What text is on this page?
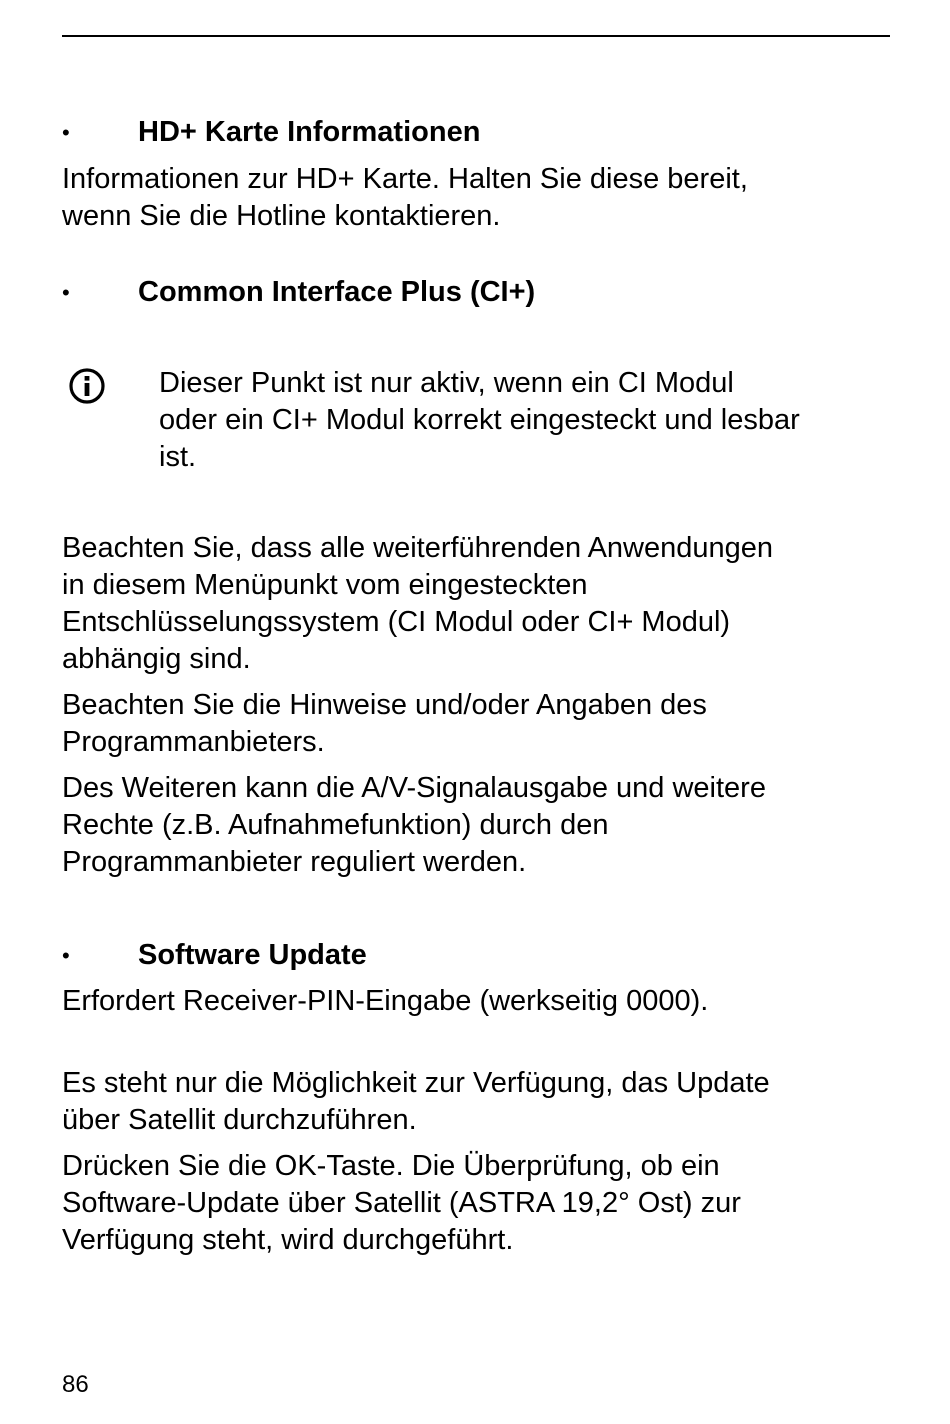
• HD+ Karte Informationen
Informationen zur HD+ Karte. Halten Sie diese bereit,
wenn Sie die Hotline kontaktieren.
• Common Interface Plus (CI+)
Dieser Punkt ist nur aktiv, wenn ein CI Modul
oder ein CI+ Modul korrekt eingesteckt und lesbar
ist.
Beachten Sie, dass alle weiterführenden Anwendungen
in diesem Menüpunkt vom eingesteckten
Entschlüsselungssystem (CI Modul oder CI+ Modul)
abhängig sind.
Beachten Sie die Hinweise und/oder Angaben des
Programmanbieters.
Des Weiteren kann die A/V-Signalausgabe und weitere
Rechte (z.B. Aufnahmefunktion) durch den
Programmanbieter reguliert werden.
• Software Update
Erfordert Receiver-PIN-Eingabe (werkseitig 0000).
Es steht nur die Möglichkeit zur Verfügung, das Update
über Satellit durchzuführen.
Drücken Sie die OK-Taste. Die Überprüfung, ob ein
Software-Update über Satellit (ASTRA 19,2° Ost) zur
Verfügung steht, wird durchgeführt.
86
